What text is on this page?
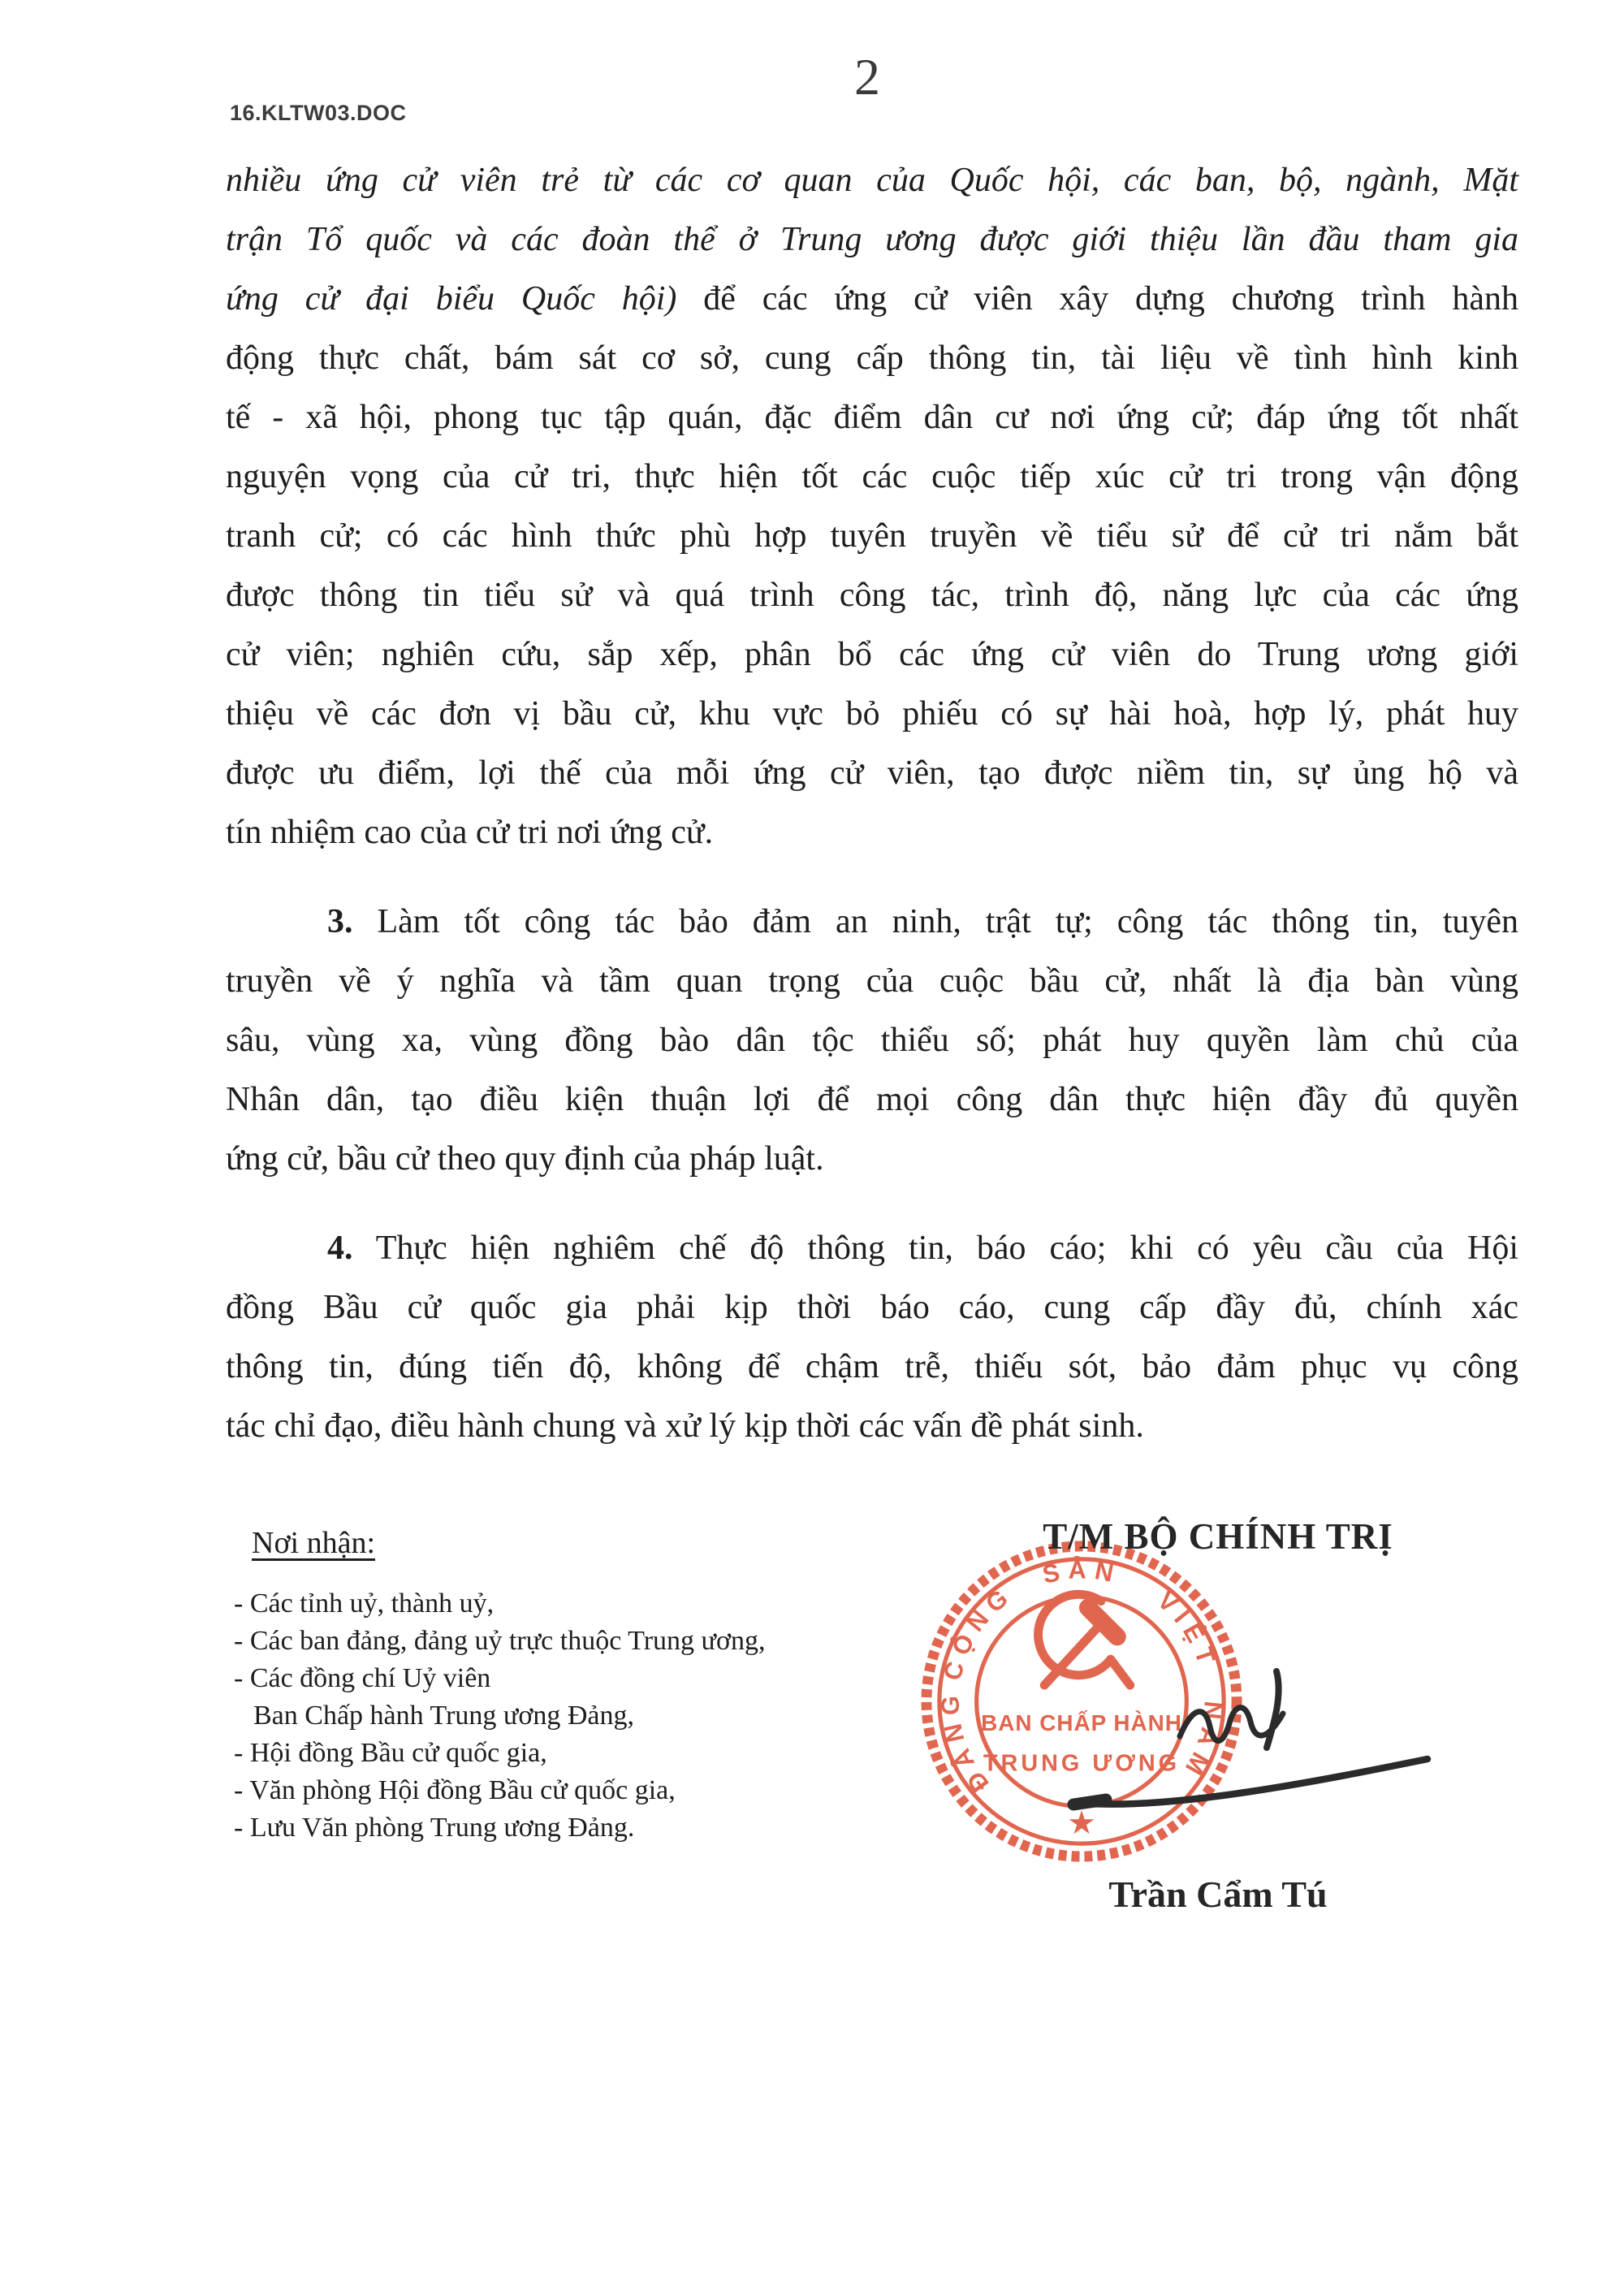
16.KLTW03.DOC
2
nhiều ứng cử viên trẻ từ các cơ quan của Quốc hội, các ban, bộ, ngành, Mặt
trận Tổ quốc và các đoàn thể ở Trung ương được giới thiệu lần đầu tham gia
ứng cử đại biểu Quốc hội) để các ứng cử viên xây dựng chương trình hành
động thực chất, bám sát cơ sở, cung cấp thông tin, tài liệu về tình hình kinh
tế - xã hội, phong tục tập quán, đặc điểm dân cư nơi ứng cử; đáp ứng tốt nhất
nguyện vọng của cử tri, thực hiện tốt các cuộc tiếp xúc cử tri trong vận động
tranh cử; có các hình thức phù hợp tuyên truyền về tiểu sử để cử tri nắm bắt
được thông tin tiểu sử và quá trình công tác, trình độ, năng lực của các ứng
cử viên; nghiên cứu, sắp xếp, phân bổ các ứng cử viên do Trung ương giới
thiệu về các đơn vị bầu cử, khu vực bỏ phiếu có sự hài hoà, hợp lý, phát huy
được ưu điểm, lợi thế của mỗi ứng cử viên, tạo được niềm tin, sự ủng hộ và
tín nhiệm cao của cử tri nơi ứng cử.
3. Làm tốt công tác bảo đảm an ninh, trật tự; công tác thông tin, tuyên
truyền về ý nghĩa và tầm quan trọng của cuộc bầu cử, nhất là địa bàn vùng
sâu, vùng xa, vùng đồng bào dân tộc thiểu số; phát huy quyền làm chủ của
Nhân dân, tạo điều kiện thuận lợi để mọi công dân thực hiện đầy đủ quyền
ứng cử, bầu cử theo quy định của pháp luật.
4. Thực hiện nghiêm chế độ thông tin, báo cáo; khi có yêu cầu của Hội
đồng Bầu cử quốc gia phải kịp thời báo cáo, cung cấp đầy đủ, chính xác
thông tin, đúng tiến độ, không để chậm trễ, thiếu sót, bảo đảm phục vụ công
tác chỉ đạo, điều hành chung và xử lý kịp thời các vấn đề phát sinh.
Nơi nhận:
- Các tỉnh uỷ, thành uỷ,
- Các ban đảng, đảng uỷ trực thuộc Trung ương,
- Các đồng chí Uỷ viên
Ban Chấp hành Trung ương Đảng,
- Hội đồng Bầu cử quốc gia,
- Văn phòng Hội đồng Bầu cử quốc gia,
- Lưu Văn phòng Trung ương Đảng.
T/M BỘ CHÍNH TRỊ
ĐẢNG
CỘNG
SẢN
VIỆT
NAM
BAN CHẤP HÀNH
TRUNG ƯƠNG
★
Trần Cẩm Tú
